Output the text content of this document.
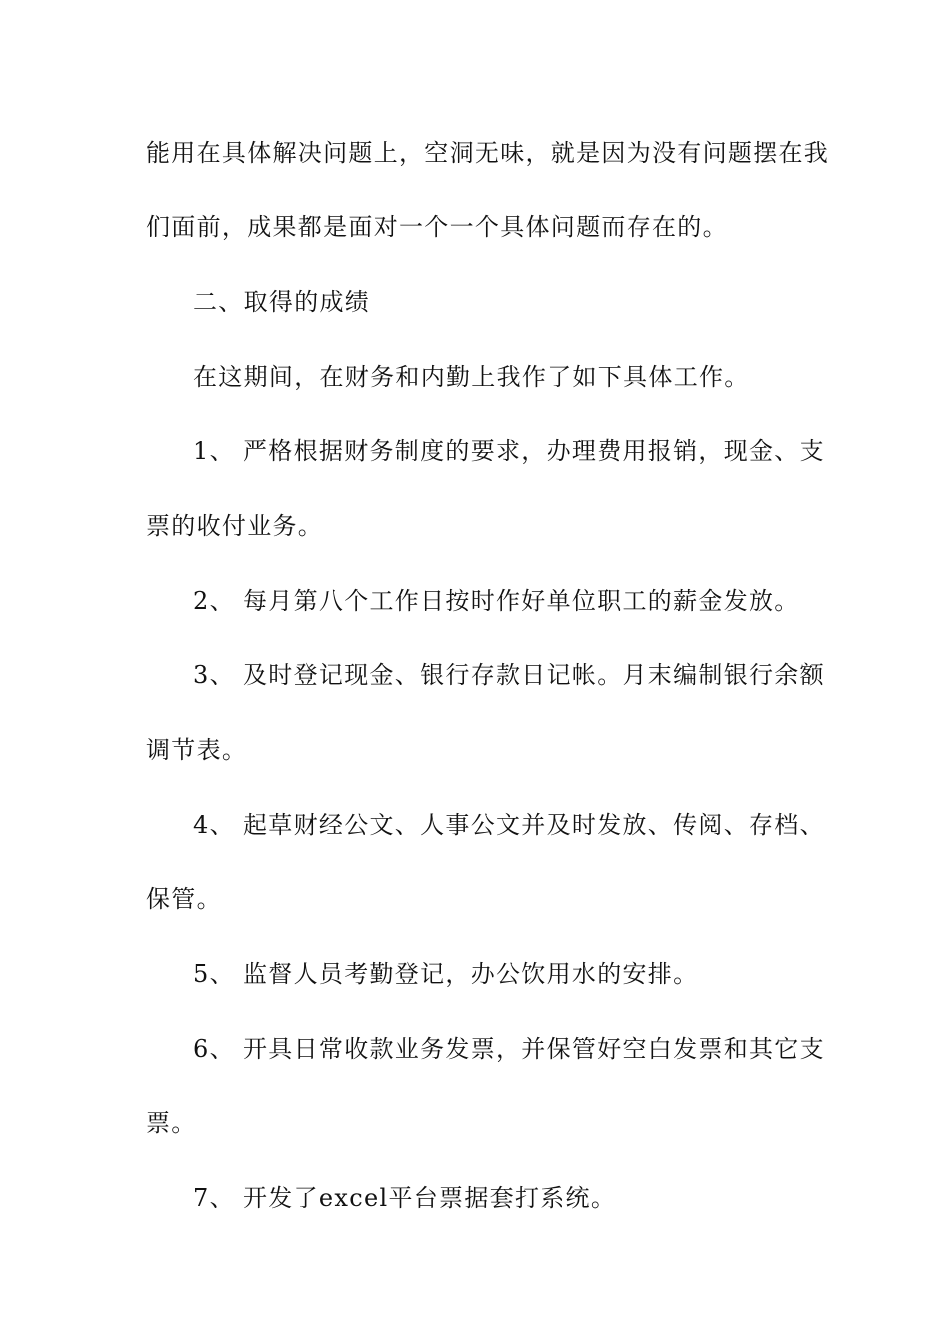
能用在具体解决问题上，空洞无味，就是因为没有问题摆在我
们面前，成果都是面对一个一个具体问题而存在的。
二、取得的成绩
在这期间，在财务和内勤上我作了如下具体工作。
1、 严格根据财务制度的要求，办理费用报销，现金、支
票的收付业务。
2、 每月第八个工作日按时作好单位职工的薪金发放。
3、 及时登记现金、银行存款日记帐。月末编制银行余额
调节表。
4、 起草财经公文、人事公文并及时发放、传阅、存档、
保管。
5、 监督人员考勤登记，办公饮用水的安排。
6、 开具日常收款业务发票，并保管好空白发票和其它支
票。
7、 开发了excel平台票据套打系统。
